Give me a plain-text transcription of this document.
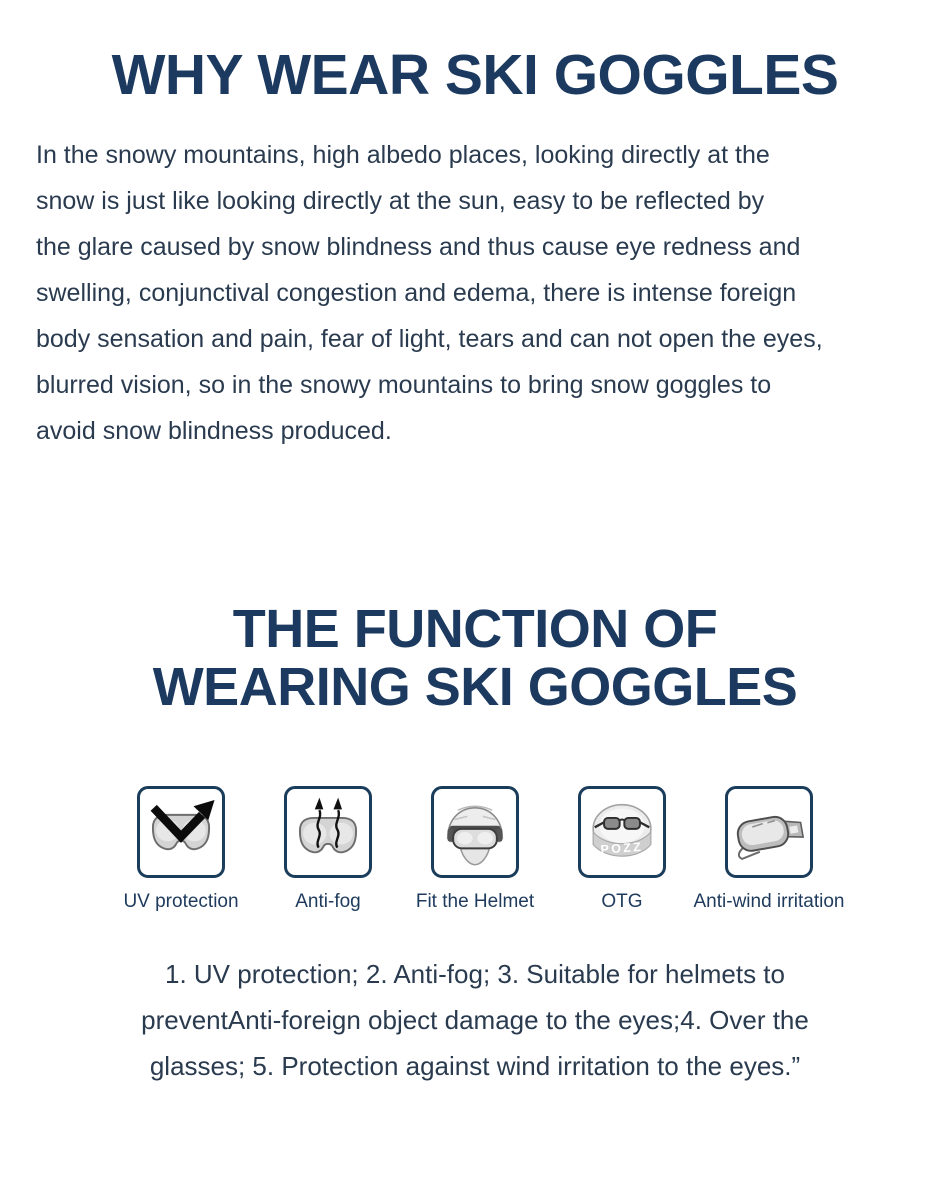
WHY WEAR SKI GOGGLES
In the snowy mountains, high albedo places, looking directly at the
snow is just like looking directly at the sun, easy to be reflected by
the glare caused by snow blindness and thus cause eye redness and
swelling, conjunctival congestion and edema, there is intense foreign
body sensation and pain, fear of light, tears and can not open the eyes,
blurred vision, so in the snowy mountains to bring snow goggles to
avoid snow blindness produced.
THE FUNCTION OF
WEARING SKI GOGGLES
UV protection	Anti-fog	Fit the Helmet
POZZ
OTG	Anti-wind irritation
1. UV protection; 2. Anti-fog; 3. Suitable for helmets to
preventAnti-foreign object damage to the eyes;4. Over the
glasses; 5. Protection against wind irritation to the eyes.”
